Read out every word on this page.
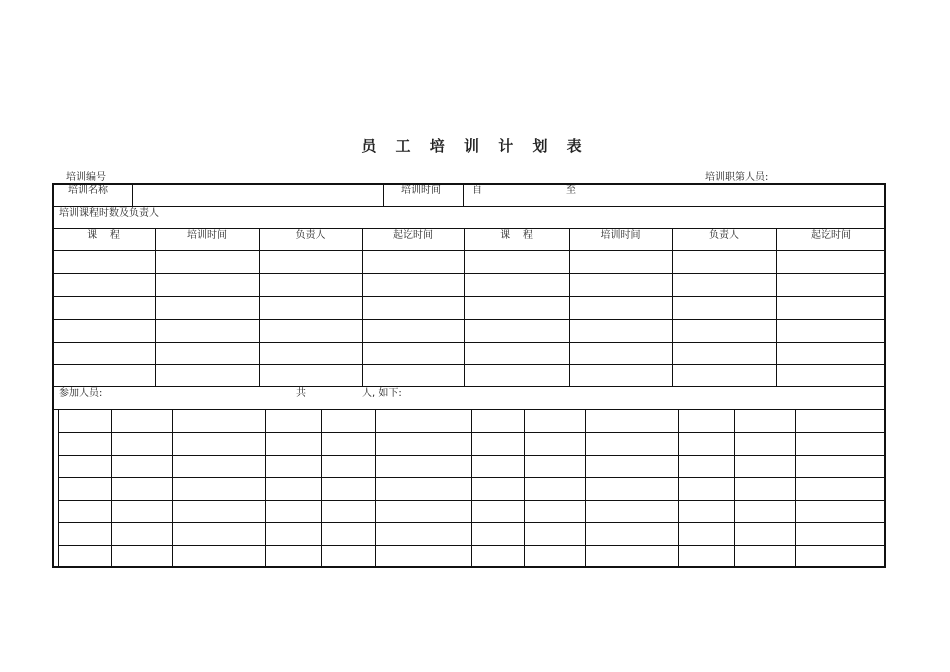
员 工 培 训 计 划 表
培训编号	培训职第人员:
培训名称	培训时间	自	至
培训课程时数及负责人
课    程	培训时间	负责人	起讫时间	课    程	培训时间	负责人	起讫时间
参加人员:	共	人, 如下:
